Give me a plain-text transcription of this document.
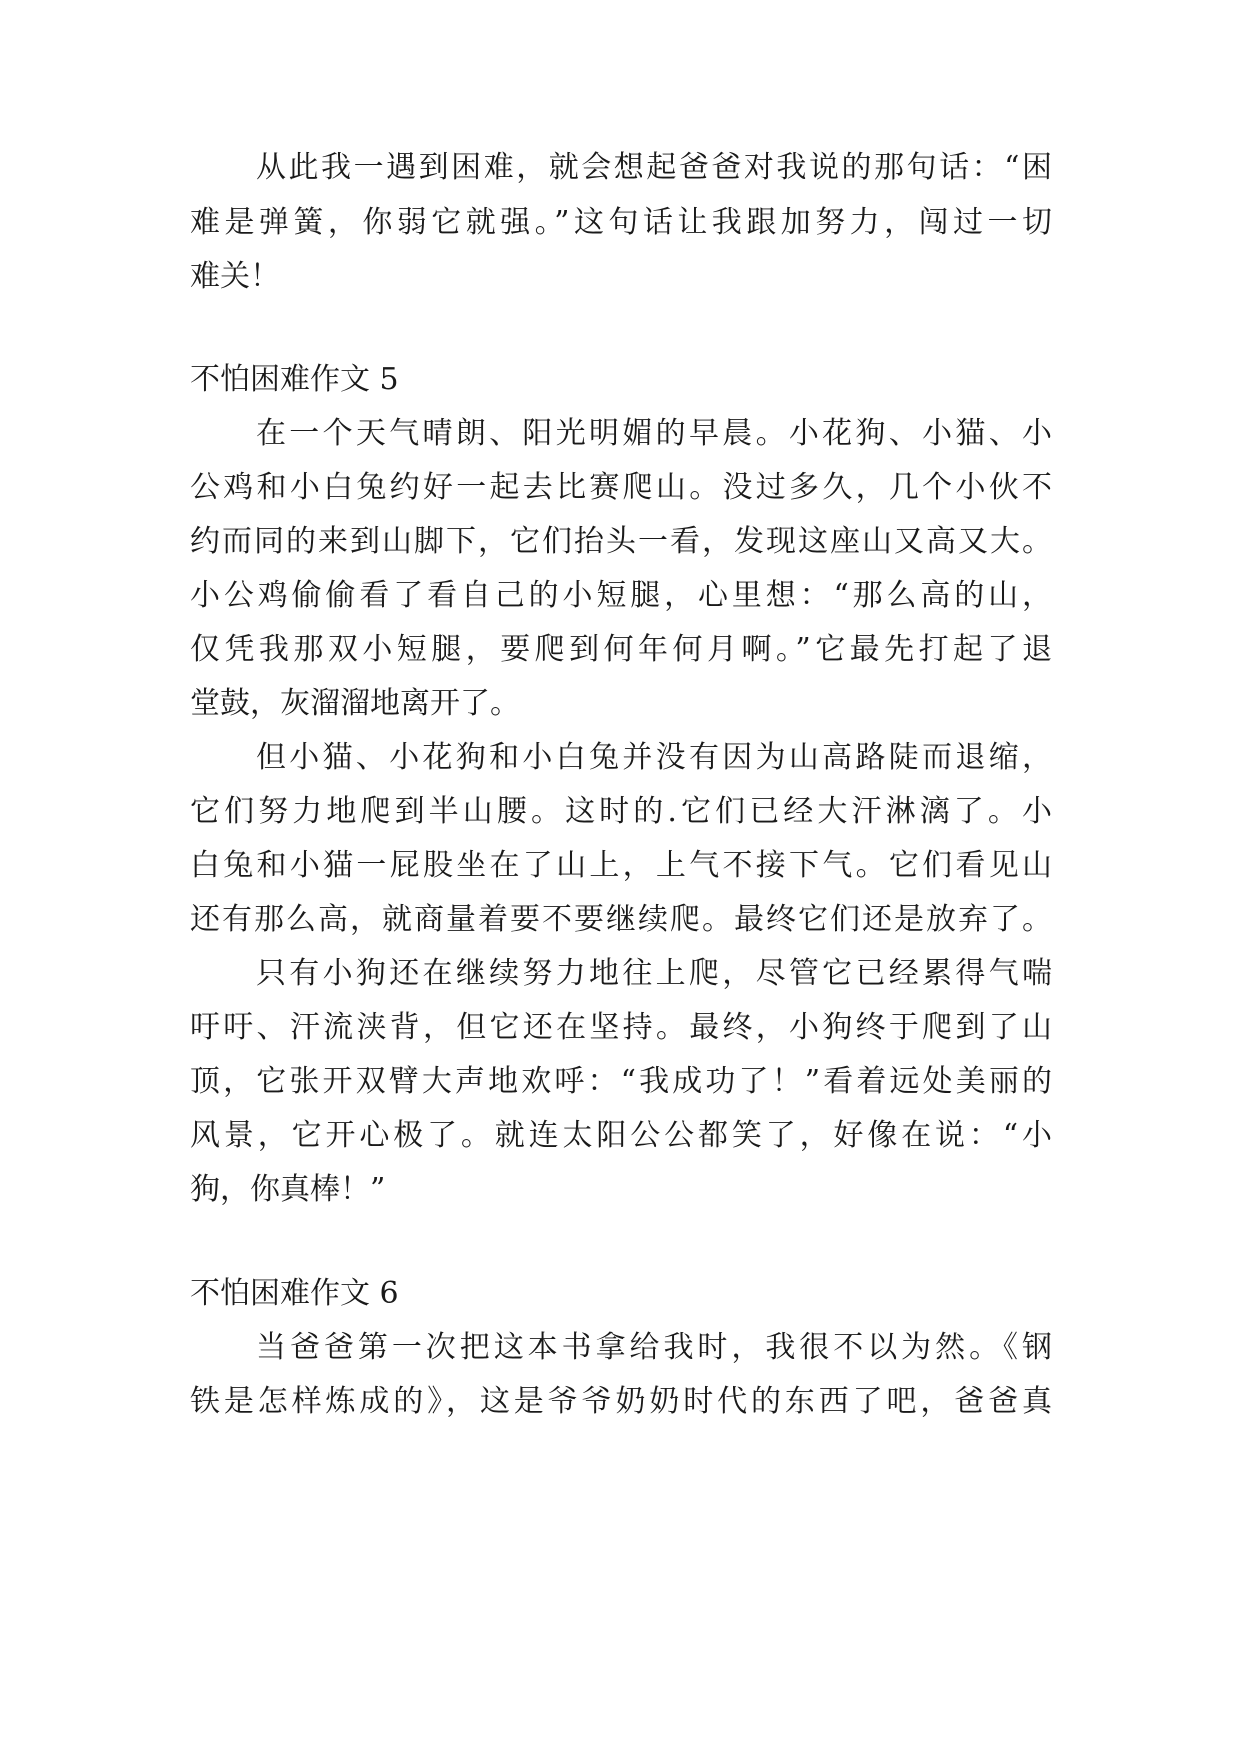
从此我一遇到困难，就会想起爸爸对我说的那句话：“困
难是弹簧，你弱它就强。”这句话让我跟加努力，闯过一切
难关！
不怕困难作文 5
在一个天气晴朗、阳光明媚的早晨。小花狗、小猫、小
公鸡和小白兔约好一起去比赛爬山。没过多久，几个小伙不
约而同的来到山脚下，它们抬头一看，发现这座山又高又大。
小公鸡偷偷看了看自己的小短腿，心里想：“那么高的山，
仅凭我那双小短腿，要爬到何年何月啊。”它最先打起了退
堂鼓，灰溜溜地离开了。
但小猫、小花狗和小白兔并没有因为山高路陡而退缩，
它们努力地爬到半山腰。这时的.它们已经大汗淋漓了。小
白兔和小猫一屁股坐在了山上，上气不接下气。它们看见山
还有那么高，就商量着要不要继续爬。最终它们还是放弃了。
只有小狗还在继续努力地往上爬，尽管它已经累得气喘
吁吁、汗流浃背，但它还在坚持。最终，小狗终于爬到了山
顶，它张开双臂大声地欢呼：“我成功了！”看着远处美丽的
风景，它开心极了。就连太阳公公都笑了，好像在说：“小
狗，你真棒！”
不怕困难作文 6
当爸爸第一次把这本书拿给我时，我很不以为然。《钢
铁是怎样炼成的》，这是爷爷奶奶时代的东西了吧，爸爸真
